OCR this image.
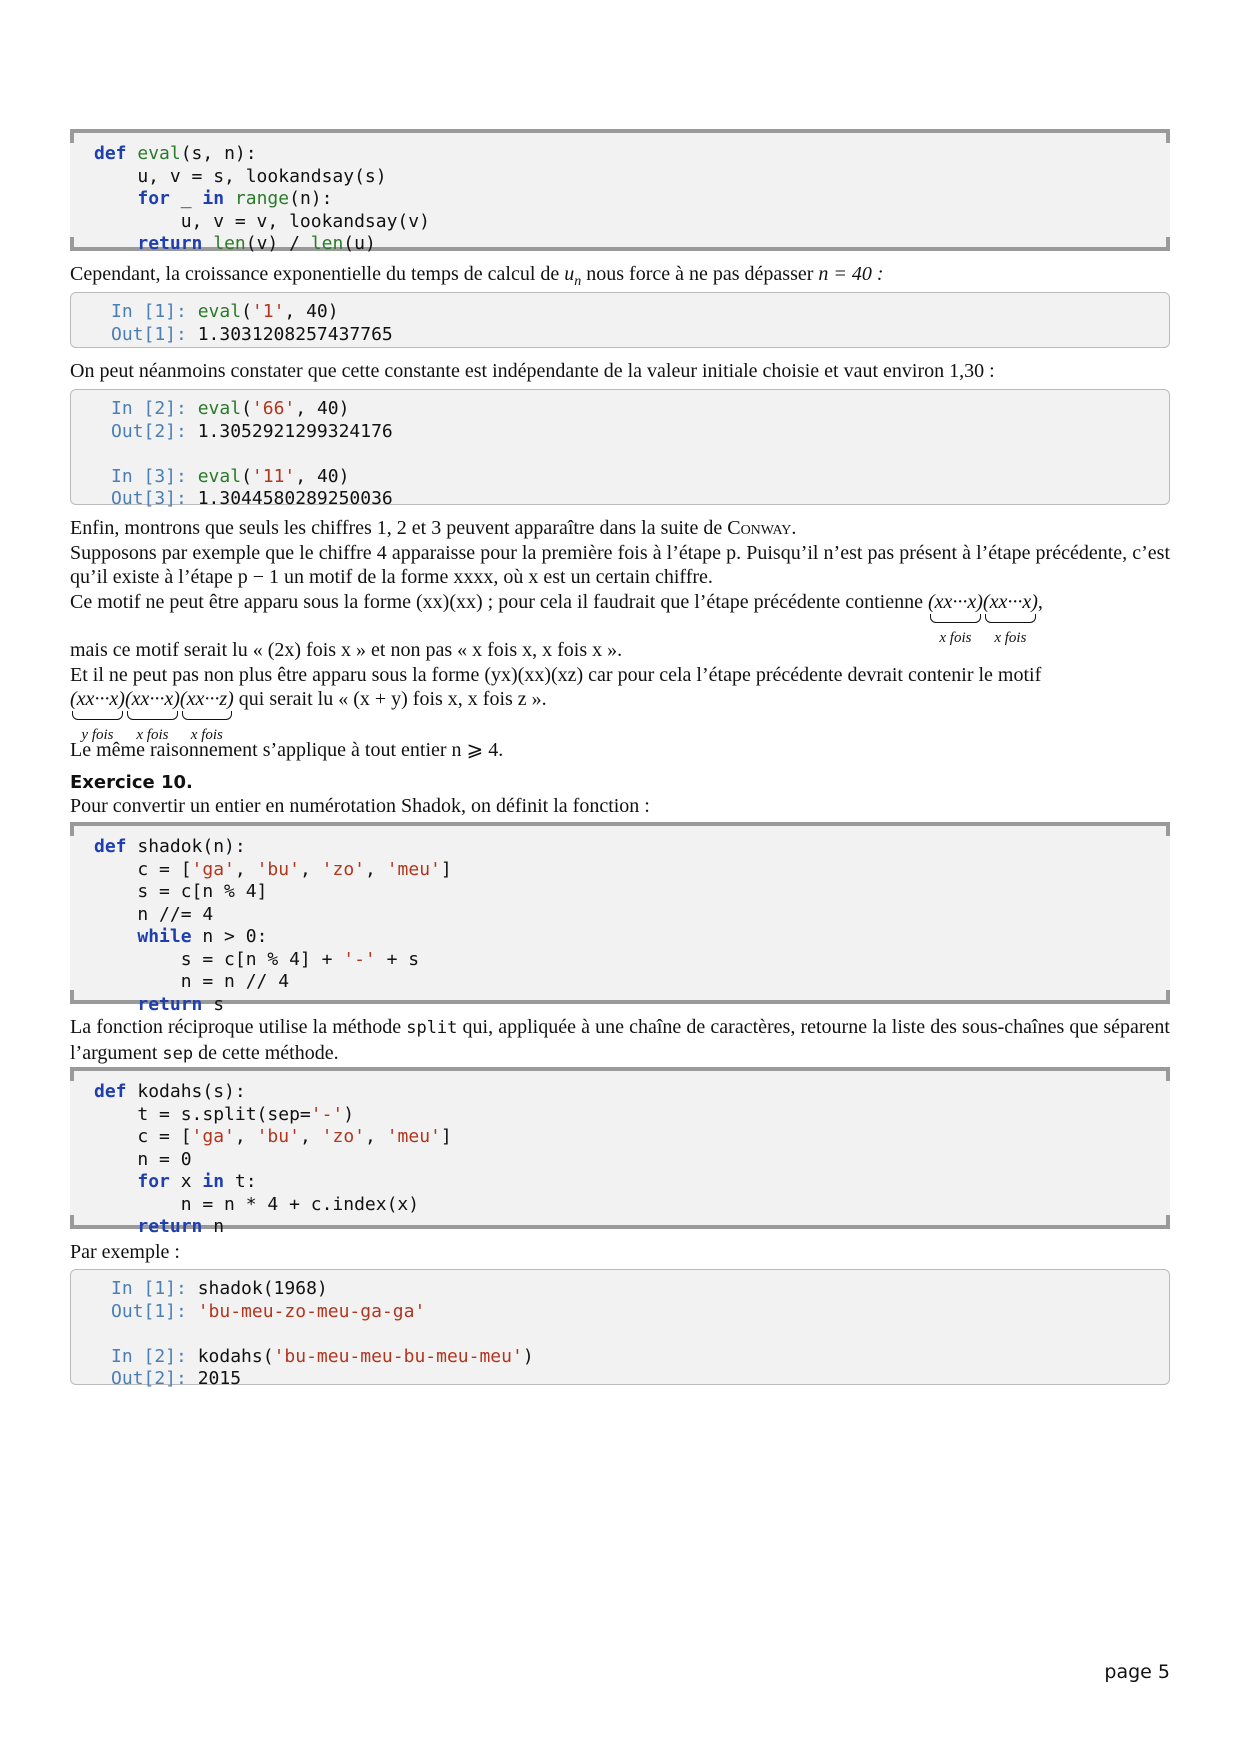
def eval(s, n):
u, v = s, lookandsay(s)
for _ in range(n):
u, v = v, lookandsay(v)
return len(v) / len(u)

Cependant, la croissance exponentielle du temps de calcul de $u_n$ nous force à ne pas dépasser n = 40 :

In [1]: eval('1', 40)
Out[1]: 1.3031208257437765

On peut néanmoins constater que cette constante est indépendante de la valeur initiale choisie et vaut environ 1,30 :

In [2]: eval('66', 40)
Out[2]: 1.3052921299324176

In [3]: eval('11', 40)
Out[3]: 1.3044580289250036

Enfin, montrons que seuls les chiffres 1, 2 et 3 peuvent apparaître dans la suite de Conway.

Supposons par exemple que le chiffre 4 apparaisse pour la première fois à l’étape p. Puisqu’il n’est pas présent à l’étape précédente, c’est qu’il existe à l’étape p − 1 un motif de la forme xxxx, où x est un certain chiffre.

Ce motif ne peut être apparu sous la forme (xx)(xx) ; pour cela il faudrait que l’étape précédente contienne (xx···x)
x fois
(xx···x)
x fois
,

mais ce motif serait lu « (2x) fois x » et non pas « x fois x, x fois x ».

Et il ne peut pas non plus être apparu sous la forme (yx)(xx)(xz) car pour cela l’étape précédente devrait contenir le motif

(xx···x)
y fois
(xx···x)
x fois
(xx···z)
x fois
qui serait lu « (x + y) fois x, x fois z ».

Le même raisonnement s’applique à tout entier n ⩾ 4.

Exercice 10.

Pour convertir un entier en numérotation Shadok, on définit la fonction :

def shadok(n):
c = ['ga', 'bu', 'zo', 'meu']
s = c[n % 4]
n //= 4
while n > 0:
s = c[n % 4] + '-' + s
n = n // 4
return s

La fonction réciproque utilise la méthode split qui, appliquée à une chaîne de caractères, retourne la liste des sous-chaînes que séparent l’argument sep de cette méthode.

def kodahs(s):
t = s.split(sep='-')
c = ['ga', 'bu', 'zo', 'meu']
n = 0
for x in t:
n = n * 4 + c.index(x)
return n

Par exemple :

In [1]: shadok(1968)
Out[1]: 'bu-meu-zo-meu-ga-ga'

In [2]: kodahs('bu-meu-meu-bu-meu-meu')
Out[2]: 2015
page 5
